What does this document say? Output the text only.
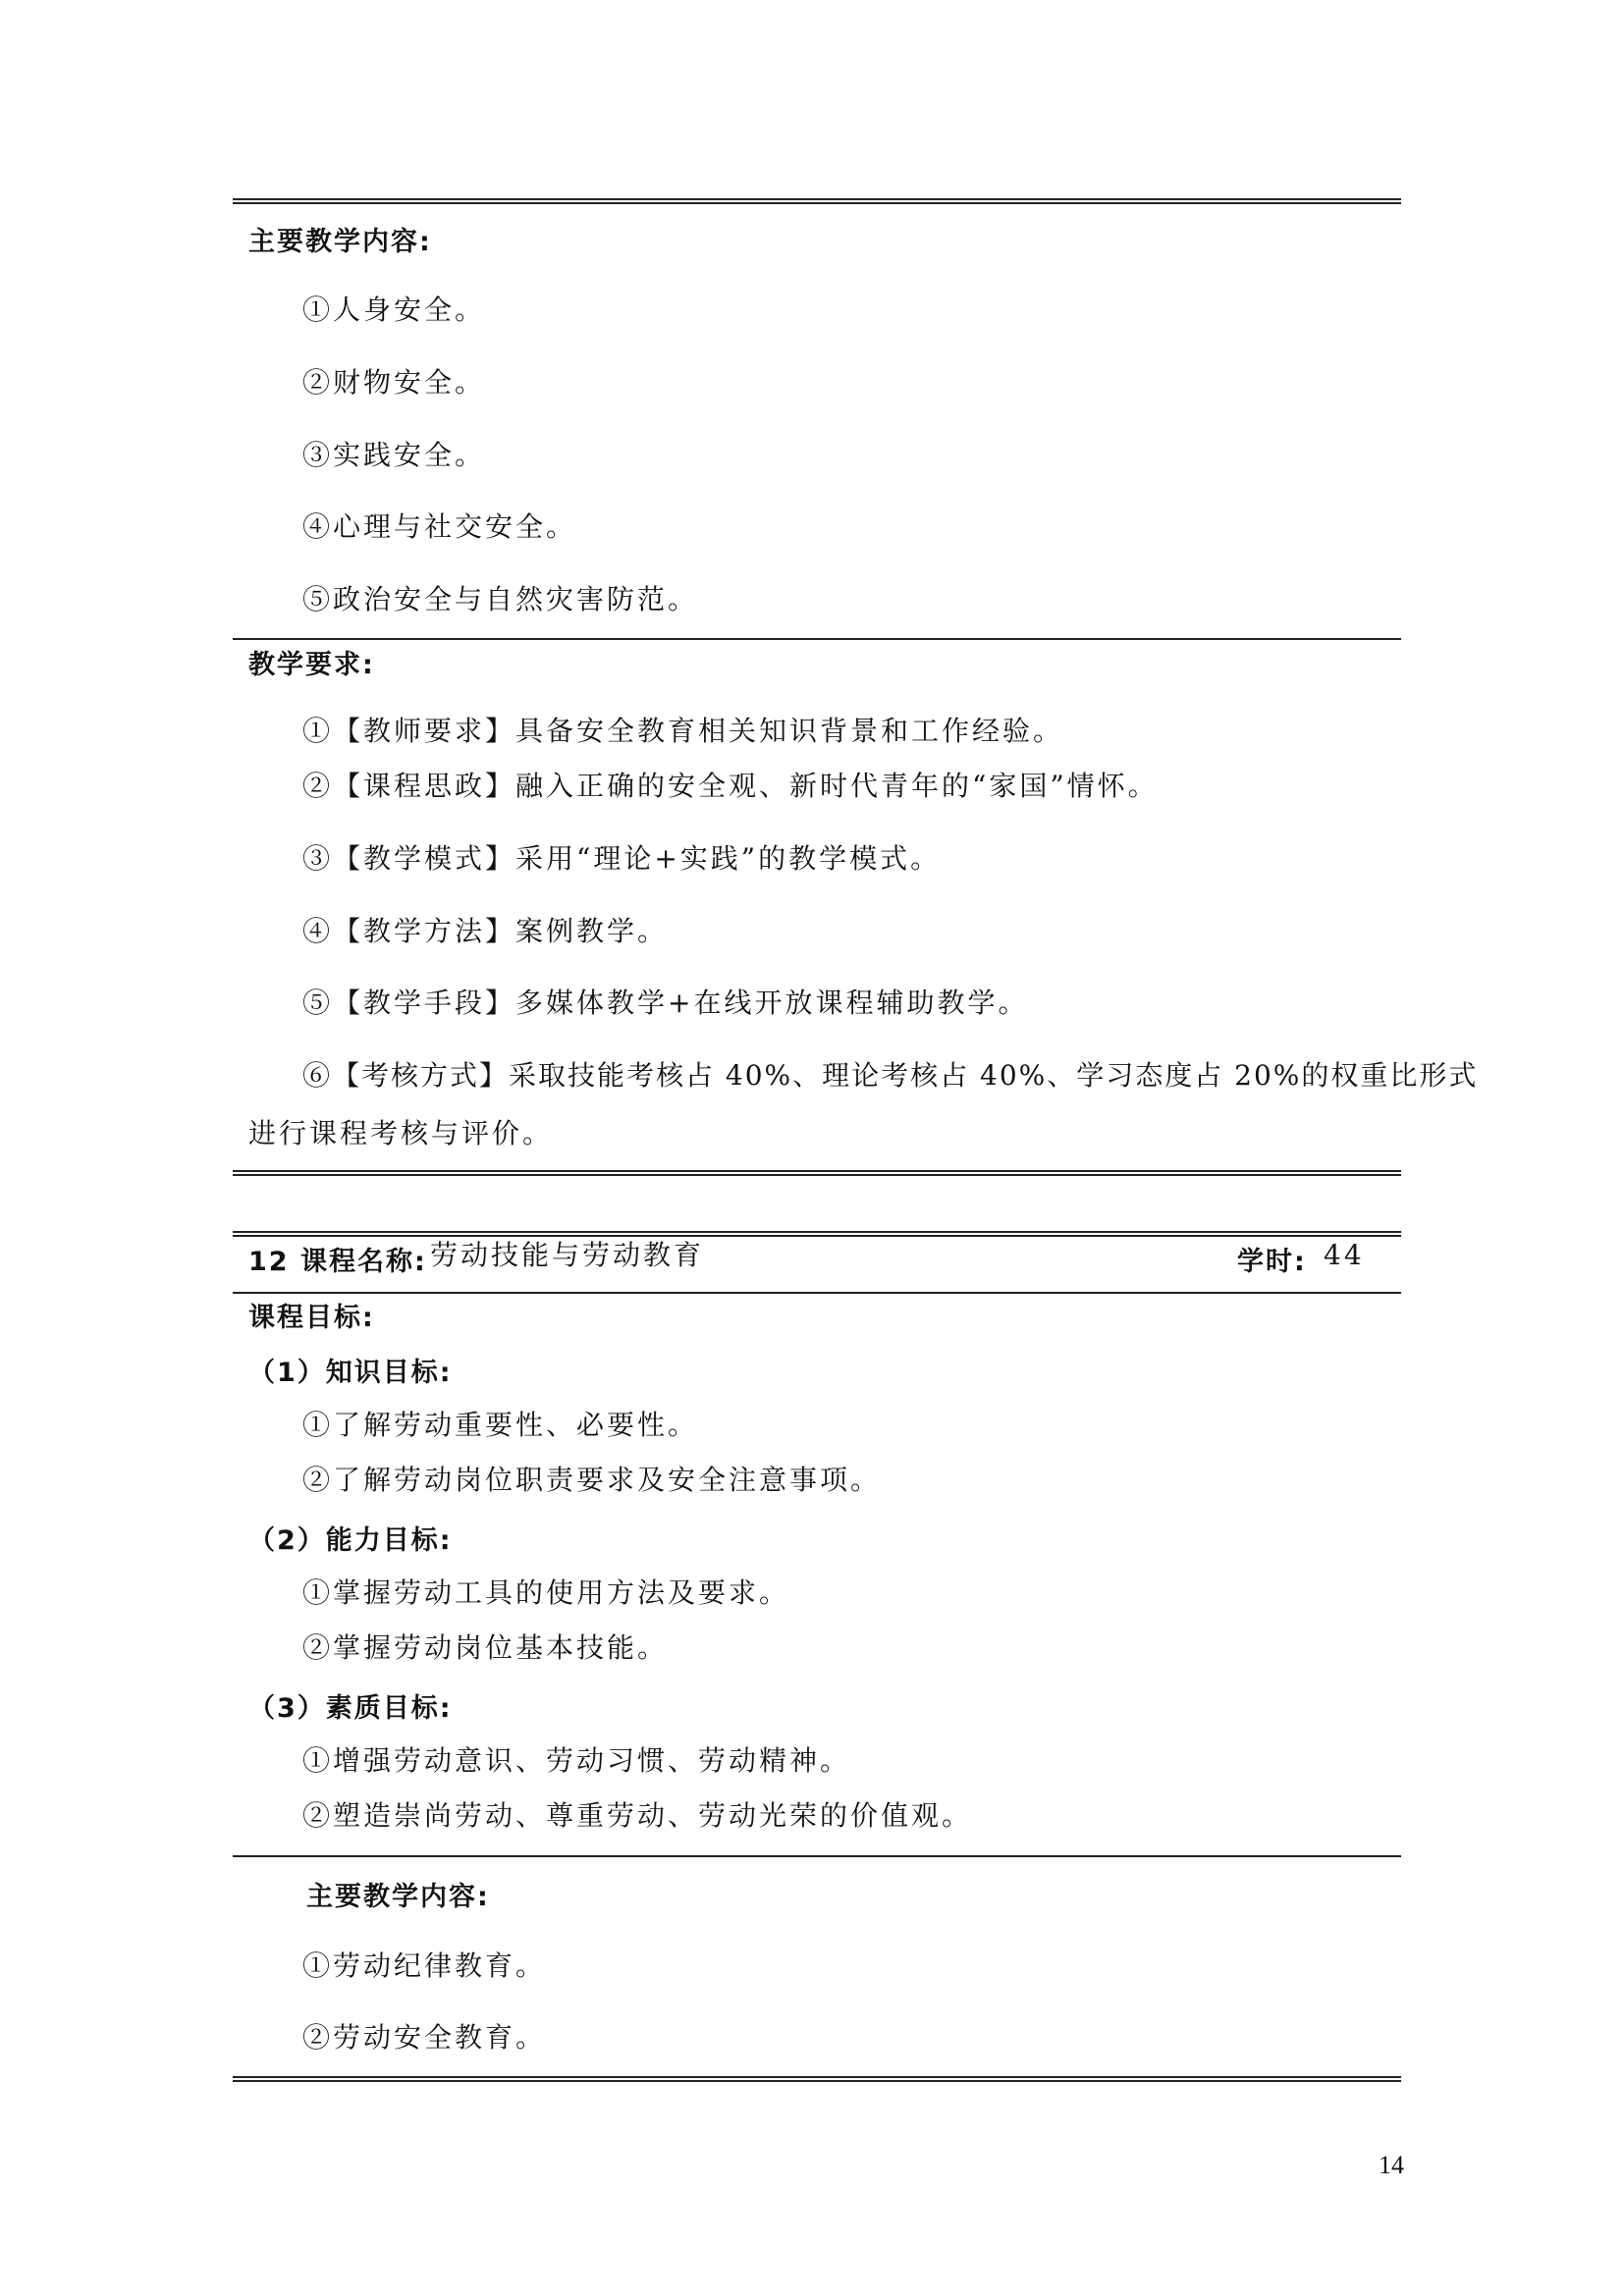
主要教学内容:
①人身安全。
②财物安全。
③实践安全。
④心理与社交安全。
⑤政治安全与自然灾害防范。
教学要求:
①【教师要求】具备安全教育相关知识背景和工作经验。
②【课程思政】融入正确的安全观、新时代青年的“家国”情怀。
③【教学模式】采用“理论+实践”的教学模式。
④【教学方法】案例教学。
⑤【教学手段】多媒体教学+在线开放课程辅助教学。
⑥【考核方式】采取技能考核占 40%、理论考核占 40%、学习态度占 20%的权重比形式
进行课程考核与评价。
12 课程名称: 劳动技能与劳动教育	学时: 44
课程目标:
（1）知识目标:
①了解劳动重要性、必要性。
②了解劳动岗位职责要求及安全注意事项。
（2）能力目标:
①掌握劳动工具的使用方法及要求。
②掌握劳动岗位基本技能。
（3）素质目标:
①增强劳动意识、劳动习惯、劳动精神。
②塑造崇尚劳动、尊重劳动、劳动光荣的价值观。
主要教学内容:
①劳动纪律教育。
②劳动安全教育。
14
